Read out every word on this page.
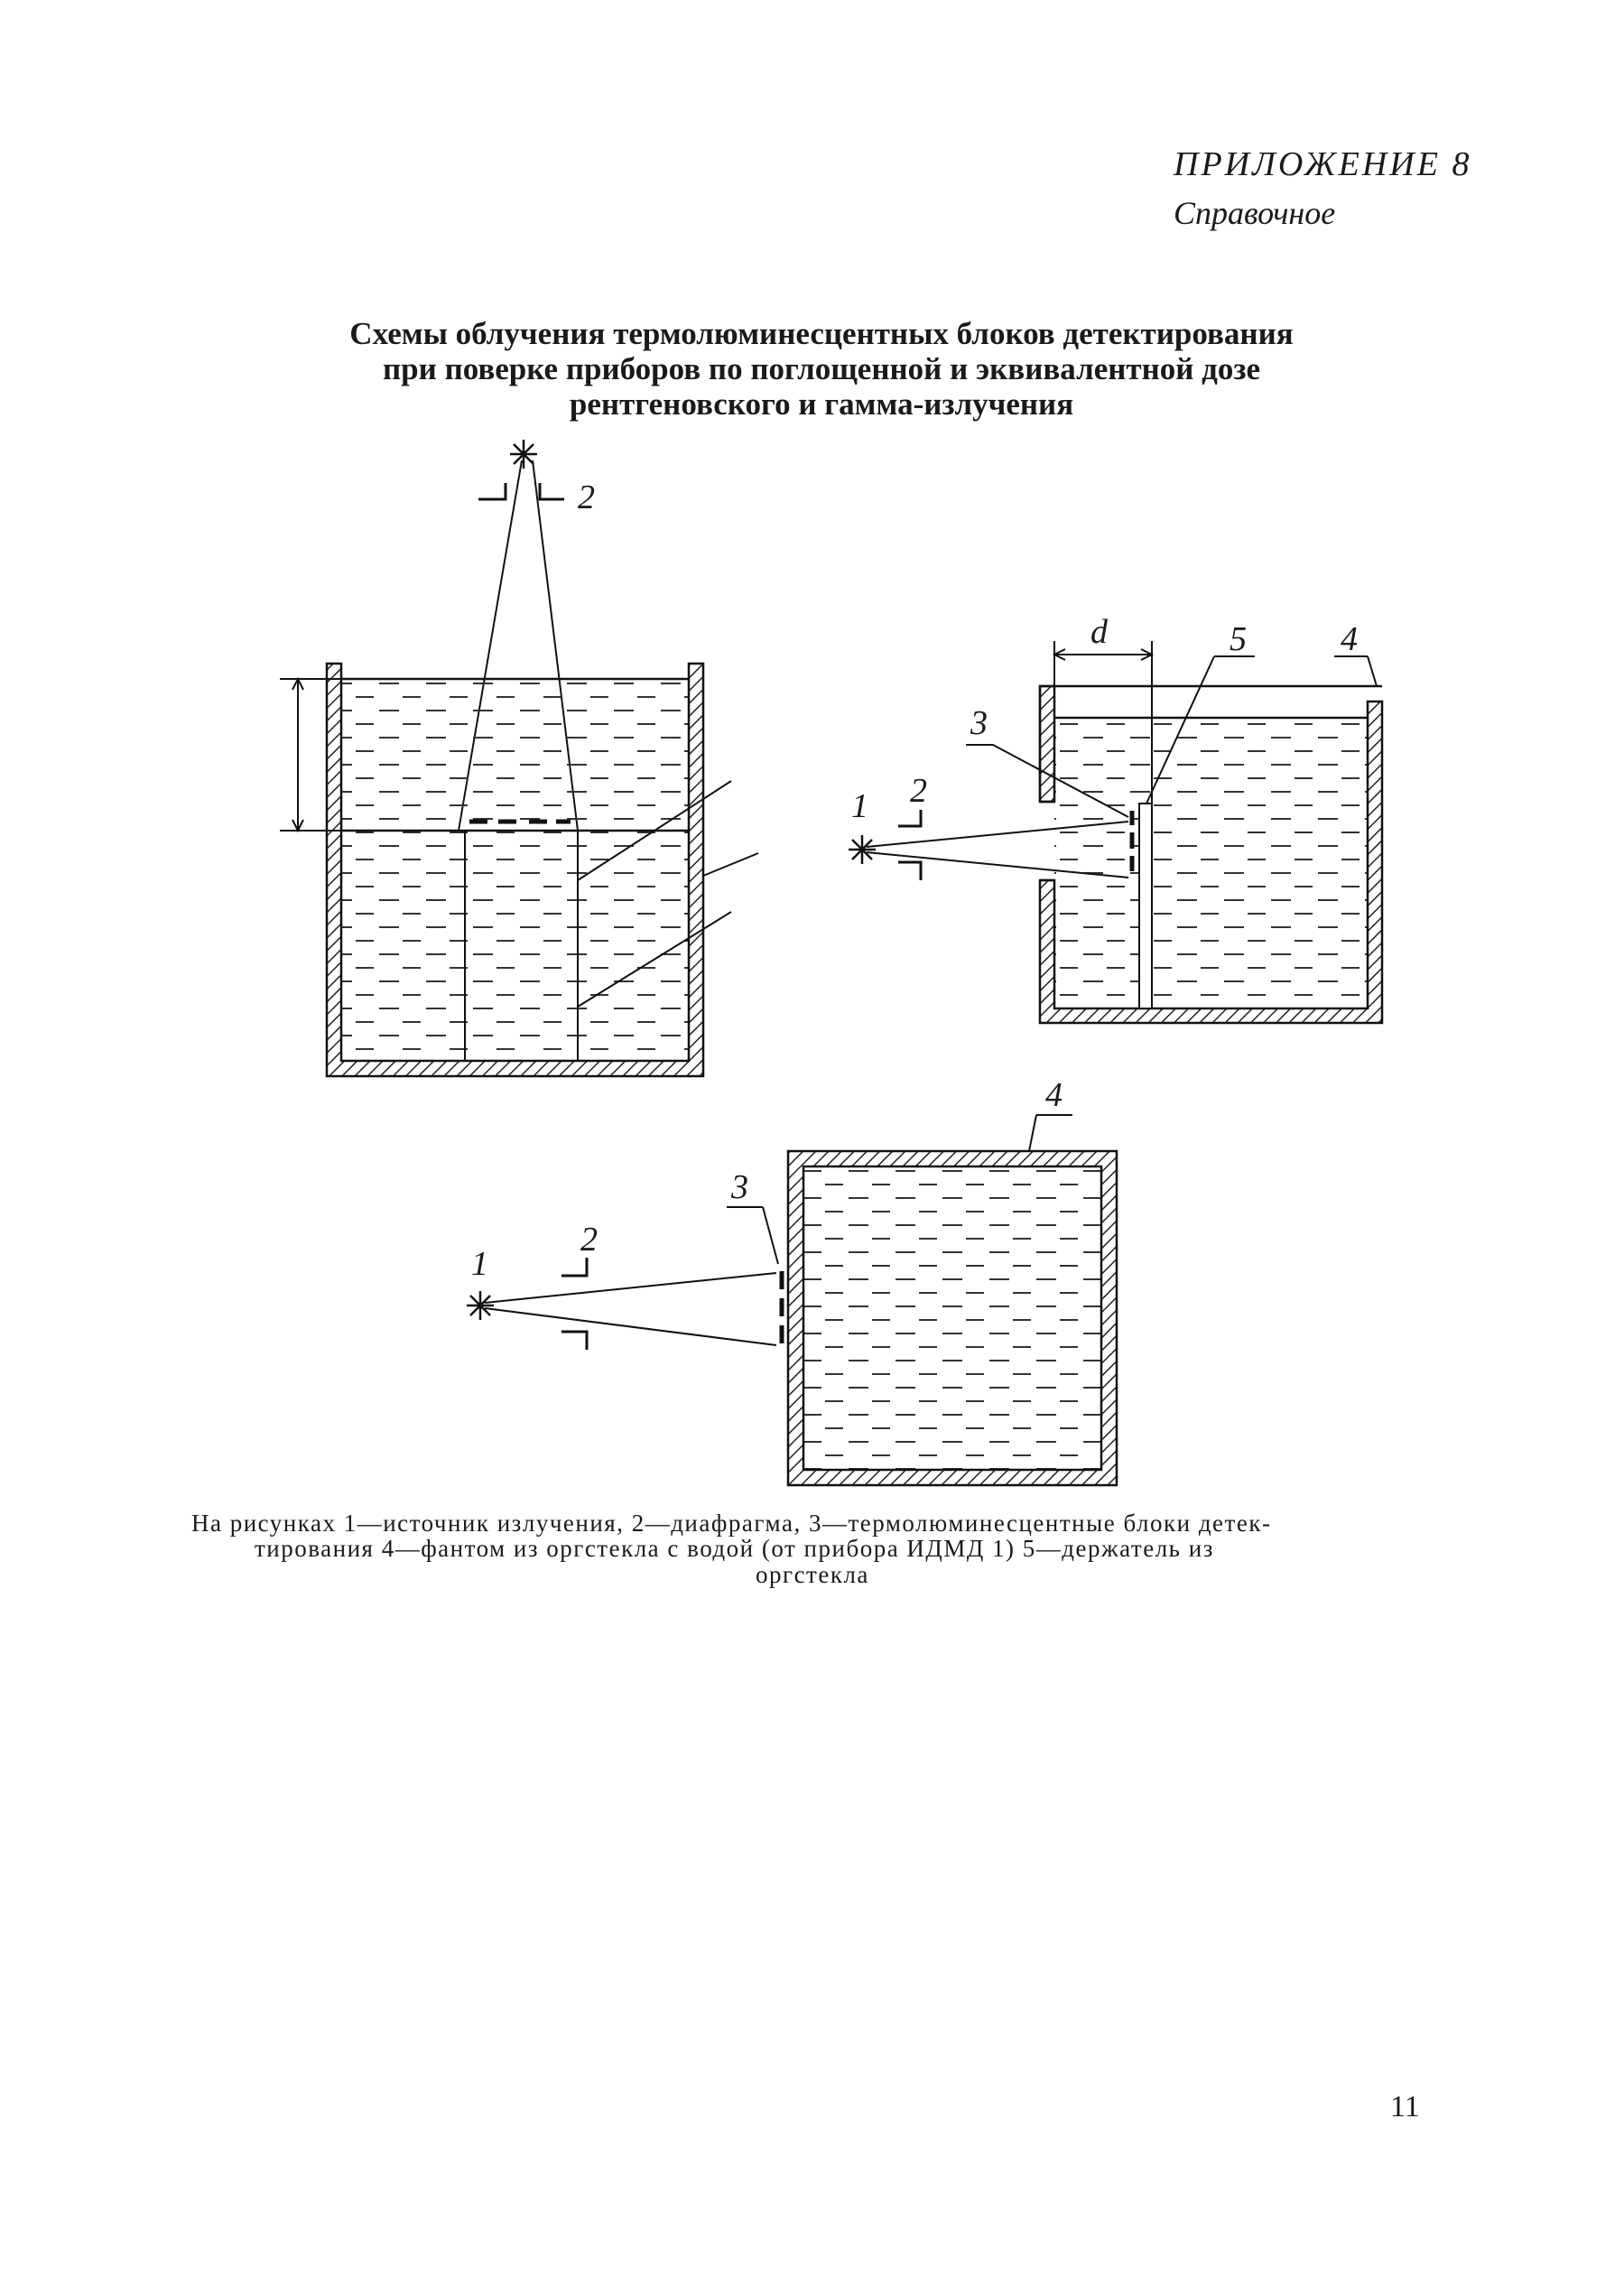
ПРИЛОЖЕНИЕ 8
Справочное
Схемы облучения термолюминесцентных блоков детектирования
при поверке приборов по поглощенной и эквивалентной дозе
рентгеновского и гамма-излучения
2
1 2
3
5	4
d
1
2
3
4
На рисунках 1—источник излучения, 2—диафрагма, 3—термолюминесцентные блоки детек-
тирования 4—фантом из оргстекла с водой (от прибора ИДМД 1) 5—держатель из
оргстекла
11
